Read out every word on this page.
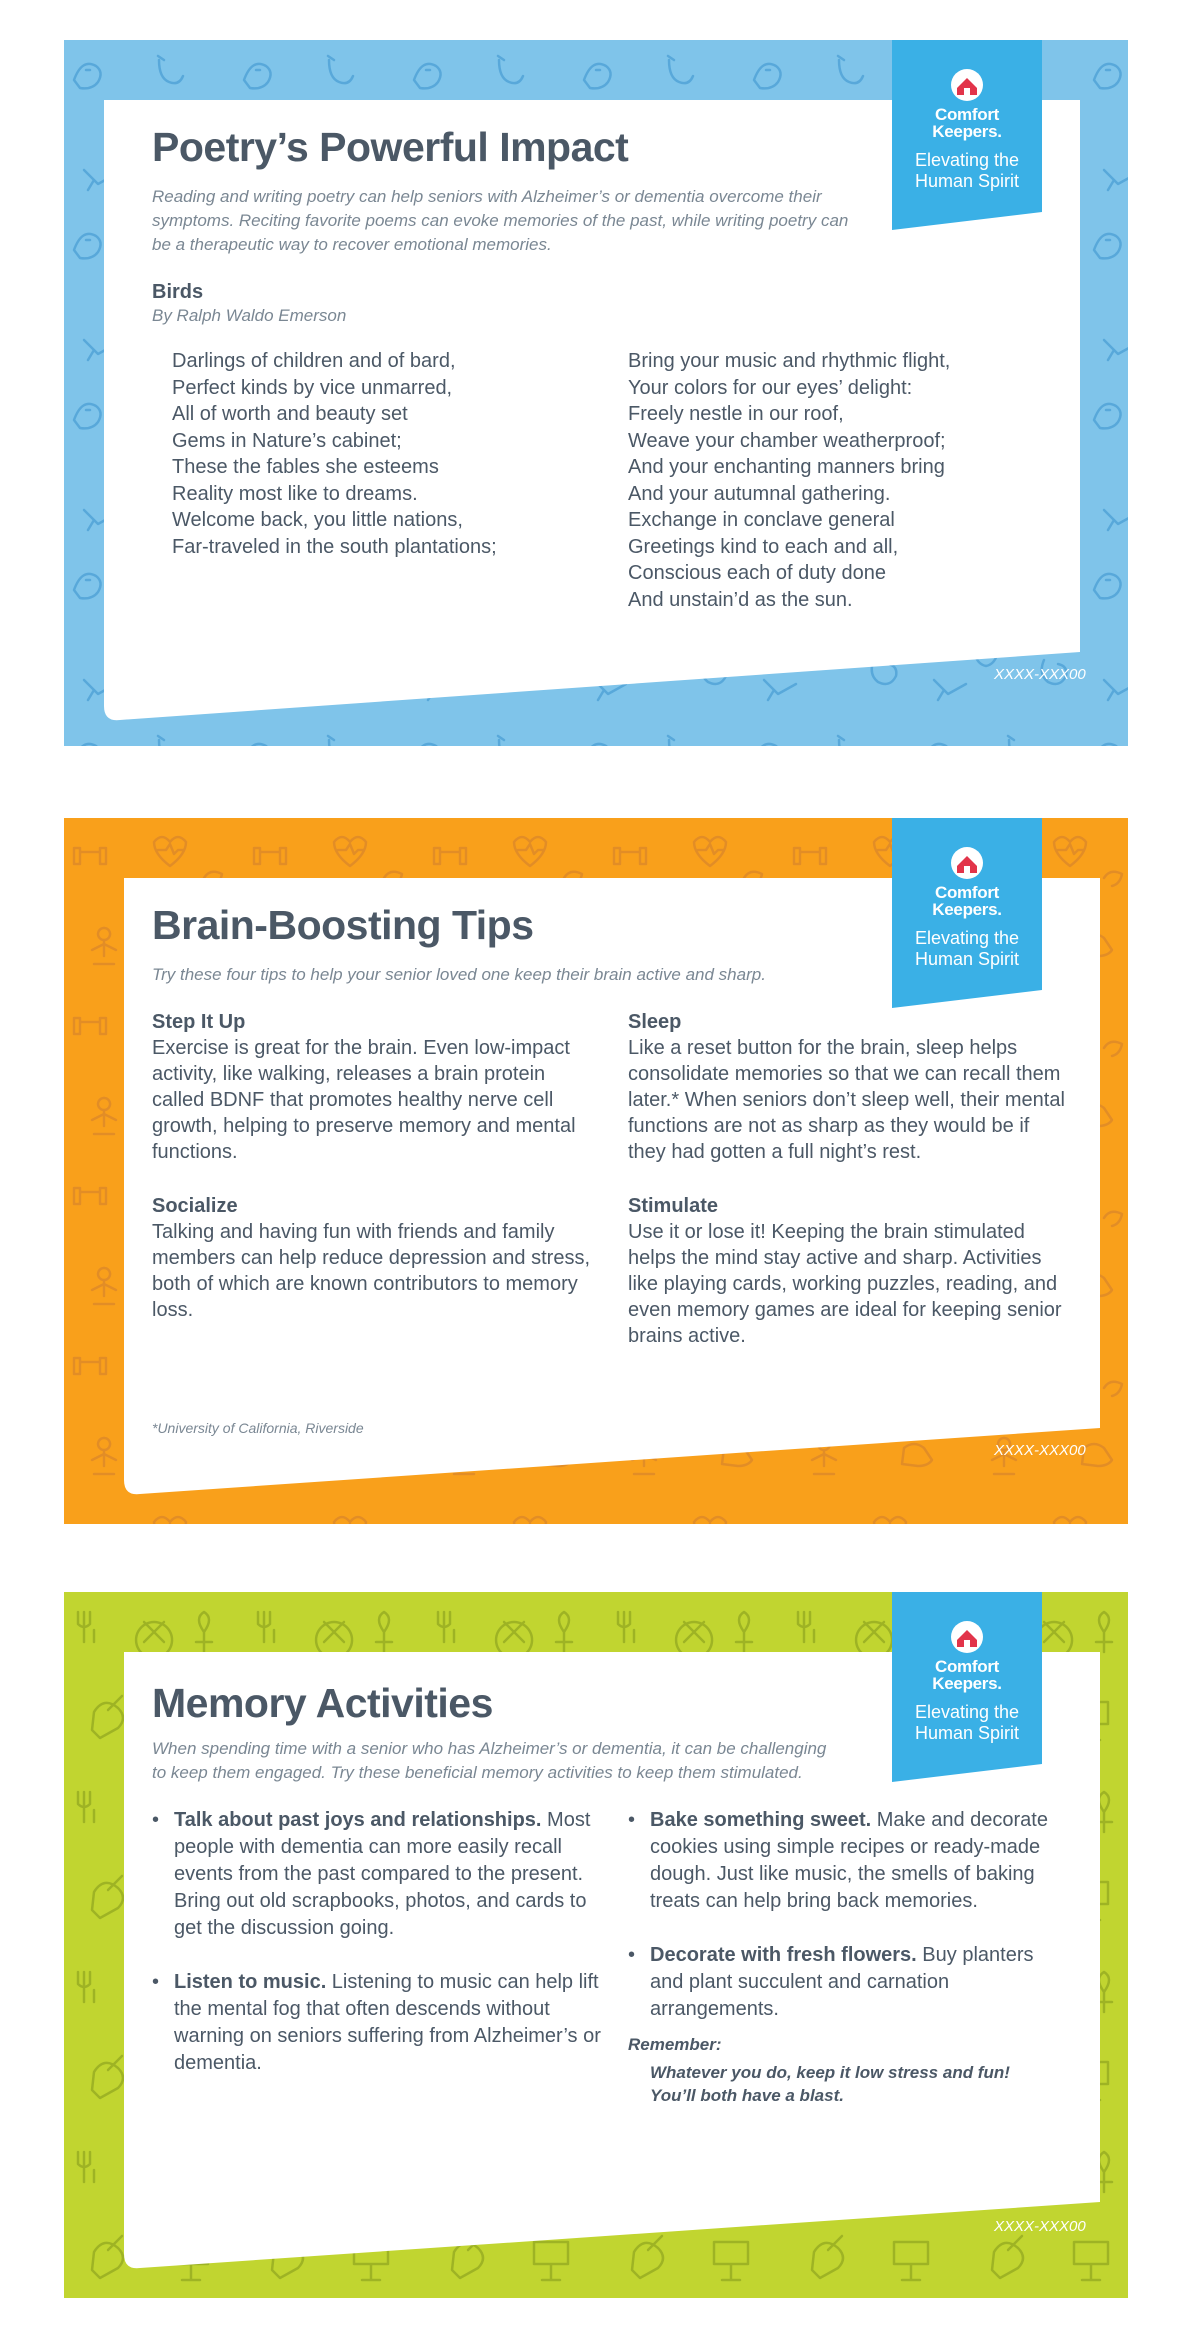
Comfort
Keepers.
Elevating the
Human Spirit
Poetry’s Powerful Impact

Reading and writing poetry can help seniors with Alzheimer’s or dementia overcome their symptoms. Reciting favorite poems can evoke memories of the past, while writing poetry can be a therapeutic way to recover emotional memories.

Birds
By Ralph Waldo Emerson
Darlings of children and of bard,
Perfect kinds by vice unmarred,
All of worth and beauty set
Gems in Nature’s cabinet;
These the fables she esteems
Reality most like to dreams.
Welcome back, you little nations,
Far-traveled in the south plantations;
Bring your music and rhythmic flight,
Your colors for our eyes’ delight:
Freely nestle in our roof,
Weave your chamber weatherproof;
And your enchanting manners bring
And your autumnal gathering.
Exchange in conclave general
Greetings kind to each and all,
Conscious each of duty done
And unstain’d as the sun.
XXXX-XXX00
Comfort
Keepers.
Elevating the
Human Spirit
Brain-Boosting Tips

Try these four tips to help your senior loved one keep their brain active and sharp.

Step It Up
Exercise is great for the brain. Even low-impact activity, like walking, releases a brain protein called BDNF that promotes healthy nerve cell growth, helping to preserve memory and mental functions.
Socialize
Talking and having fun with friends and family members can help reduce depression and stress, both of which are known contributors to memory loss.
Sleep
Like a reset button for the brain, sleep helps consolidate memories so that we can recall them later.* When seniors don’t sleep well, their mental functions are not as sharp as they would be if they had gotten a full night’s rest.
Stimulate
Use it or lose it! Keeping the brain stimulated helps the mind stay active and sharp. Activities like playing cards, working puzzles, reading, and even memory games are ideal for keeping senior brains active.
*University of California, Riverside
XXXX-XXX00
Comfort
Keepers.
Elevating the
Human Spirit
Memory Activities

When spending time with a senior who has Alzheimer’s or dementia, it can be challenging to keep them engaged. Try these beneficial memory activities to keep them stimulated.

• Talk about past joys and relationships. Most people with dementia can more easily recall events from the past compared to the present. Bring out old scrapbooks, photos, and cards to get the discussion going.
• Listen to music. Listening to music can help lift the mental fog that often descends without warning on seniors suffering from Alzheimer’s or dementia.
• Bake something sweet. Make and decorate cookies using simple recipes or ready-made dough. Just like music, the smells of baking treats can help bring back memories.
• Decorate with fresh flowers. Buy planters and plant succulent and carnation arrangements.
Remember:
Whatever you do, keep it low stress and fun! You’ll both have a blast.
XXXX-XXX00
